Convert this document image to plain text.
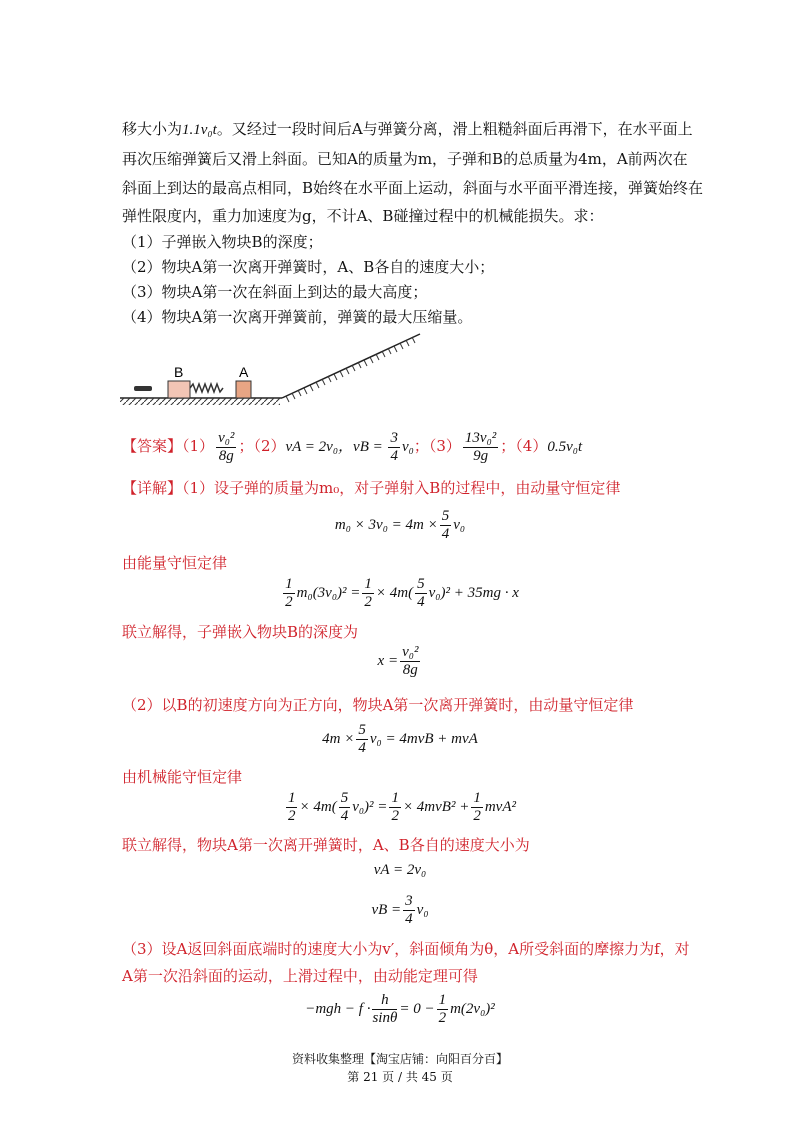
移大小为1.1v₀t。又经过一段时间后A与弹簧分离，滑上粗糙斜面后再滑下，在水平面上
再次压缩弹簧后又滑上斜面。已知A的质量为m，子弹和B的总质量为4m，A前两次在
斜面上到达的最高点相同，B始终在水平面上运动，斜面与水平面平滑连接，弹簧始终在
弹性限度内，重力加速度为g，不计A、B碰撞过程中的机械能损失。求：
（1）子弹嵌入物块B的深度；
（2）物块A第一次离开弹簧时，A、B各自的速度大小；
（3）物块A第一次在斜面上到达的最大高度；
（4）物块A第一次离开弹簧前，弹簧的最大压缩量。
B	A
【答案】$(1) \frac{\text{v₀²}}{8g}$ ；（2）vA = 2v₀，vB = $\frac{3}{4} v_0$；$(3) \frac{\text{13v₀²}}{9g}$ ；（4）0.5v₀t
【详解】（1）设子弹的质量为m₀，对子弹射入B的过程中，由动量守恒定律
$m_0 \times 3v_0 = 4m \times \frac{5}{4} v_0$
由能量守恒定律
$\frac{1}{2} m_0(3v_0)^2 = \frac{1}{2} \times 4m( \frac{5}{4} v_0)^2 + 35mg \cdot x$
联立解得，子弹嵌入物块B的深度为
$x = \frac{\text{v₀²}}{8g}$
（2）以B的初速度方向为正方向，物块A第一次离开弹簧时，由动量守恒定律
$4m \times \frac{5}{4} v_0 = 4mvB$ + mvA
由机械能守恒定律
$\frac{1}{2} \times 4m( \frac{5}{4} v_0)^2 = \frac{1}{2} \times 4mvB^2 + \frac{1}{2} mvA^2$
联立解得，物块A第一次离开弹簧时，A、B各自的速度大小为
vA = 2v₀
vB = $\frac{3}{4} v_0$
（3）设A返回斜面底端时的速度大小为v′，斜面倾角为θ，A所受斜面的摩擦力为f，对
A第一次沿斜面的运动，上滑过程中，由动能定理可得
$-mgh - f \cdot \frac{h}{\sin\theta} = 0 - \frac{1}{2} m(2v_0)^2$
资料收集整理【淘宝店铺：向阳百分百】
第 21 页 / 共 45 页
